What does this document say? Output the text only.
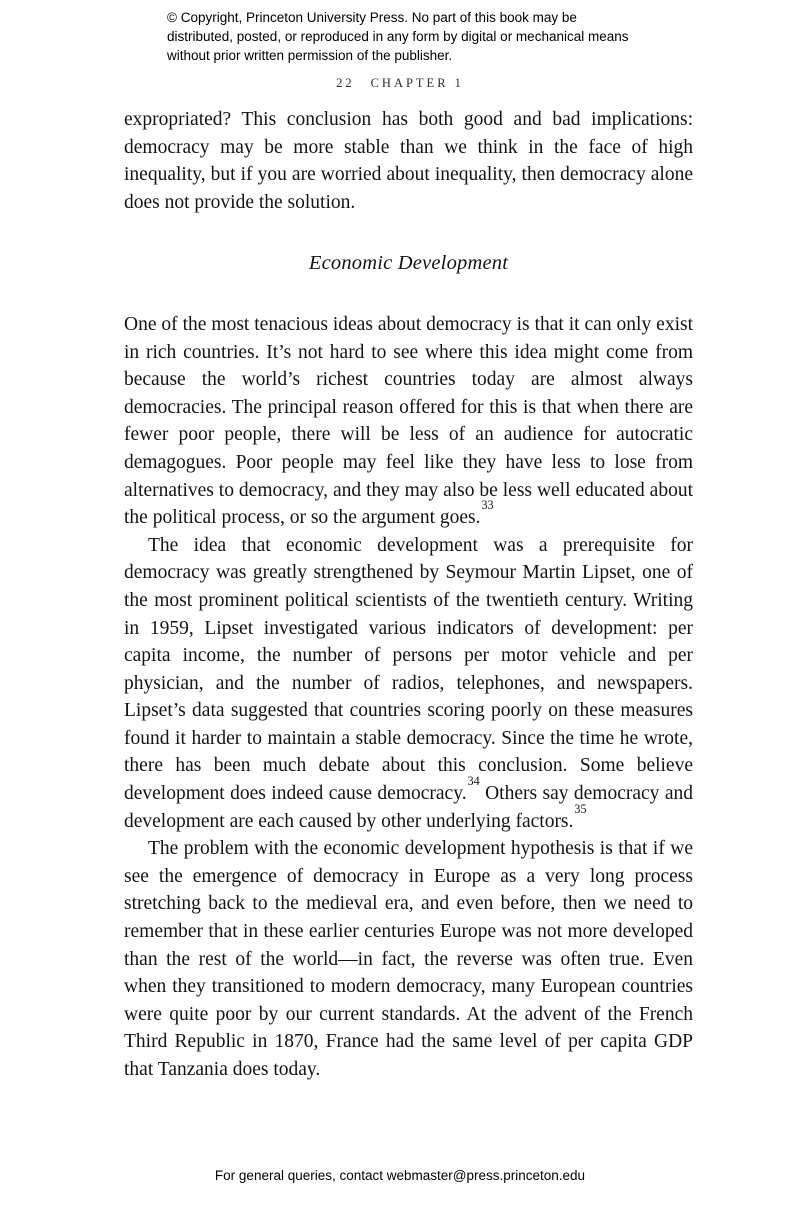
© Copyright, Princeton University Press. No part of this book may be distributed, posted, or reproduced in any form by digital or mechanical means without prior written permission of the publisher.
22 CHAPTER 1

expropriated? This conclusion has both good and bad implications: democracy may be more stable than we think in the face of high inequality, but if you are worried about inequality, then democracy alone does not provide the solution.

Economic Development

One of the most tenacious ideas about democracy is that it can only exist in rich countries. It’s not hard to see where this idea might come from because the world’s richest countries today are almost always democracies. The principal reason offered for this is that when there are fewer poor people, there will be less of an audience for autocratic demagogues. Poor people may feel like they have less to lose from alternatives to democracy, and they may also be less well educated about the political process, or so the argument goes.$^{33}$

The idea that economic development was a prerequisite for democracy was greatly strengthened by Seymour Martin Lipset, one of the most prominent political scientists of the twentieth century. Writing in 1959, Lipset investigated various indicators of development: per capita income, the number of persons per motor vehicle and per physician, and the number of radios, telephones, and newspapers. Lipset’s data suggested that countries scoring poorly on these measures found it harder to maintain a stable democracy. Since the time he wrote, there has been much debate about this conclusion. Some believe development does indeed cause democracy.$^{34}$ Others say democracy and development are each caused by other underlying factors.$^{35}$

The problem with the economic development hypothesis is that if we see the emergence of democracy in Europe as a very long process stretching back to the medieval era, and even before, then we need to remember that in these earlier centuries Europe was not more developed than the rest of the world—in fact, the reverse was often true. Even when they transitioned to modern democracy, many European countries were quite poor by our current standards. At the advent of the French Third Republic in 1870, France had the same level of per capita GDP that Tanzania does today.

For general queries, contact webmaster@press.princeton.edu
